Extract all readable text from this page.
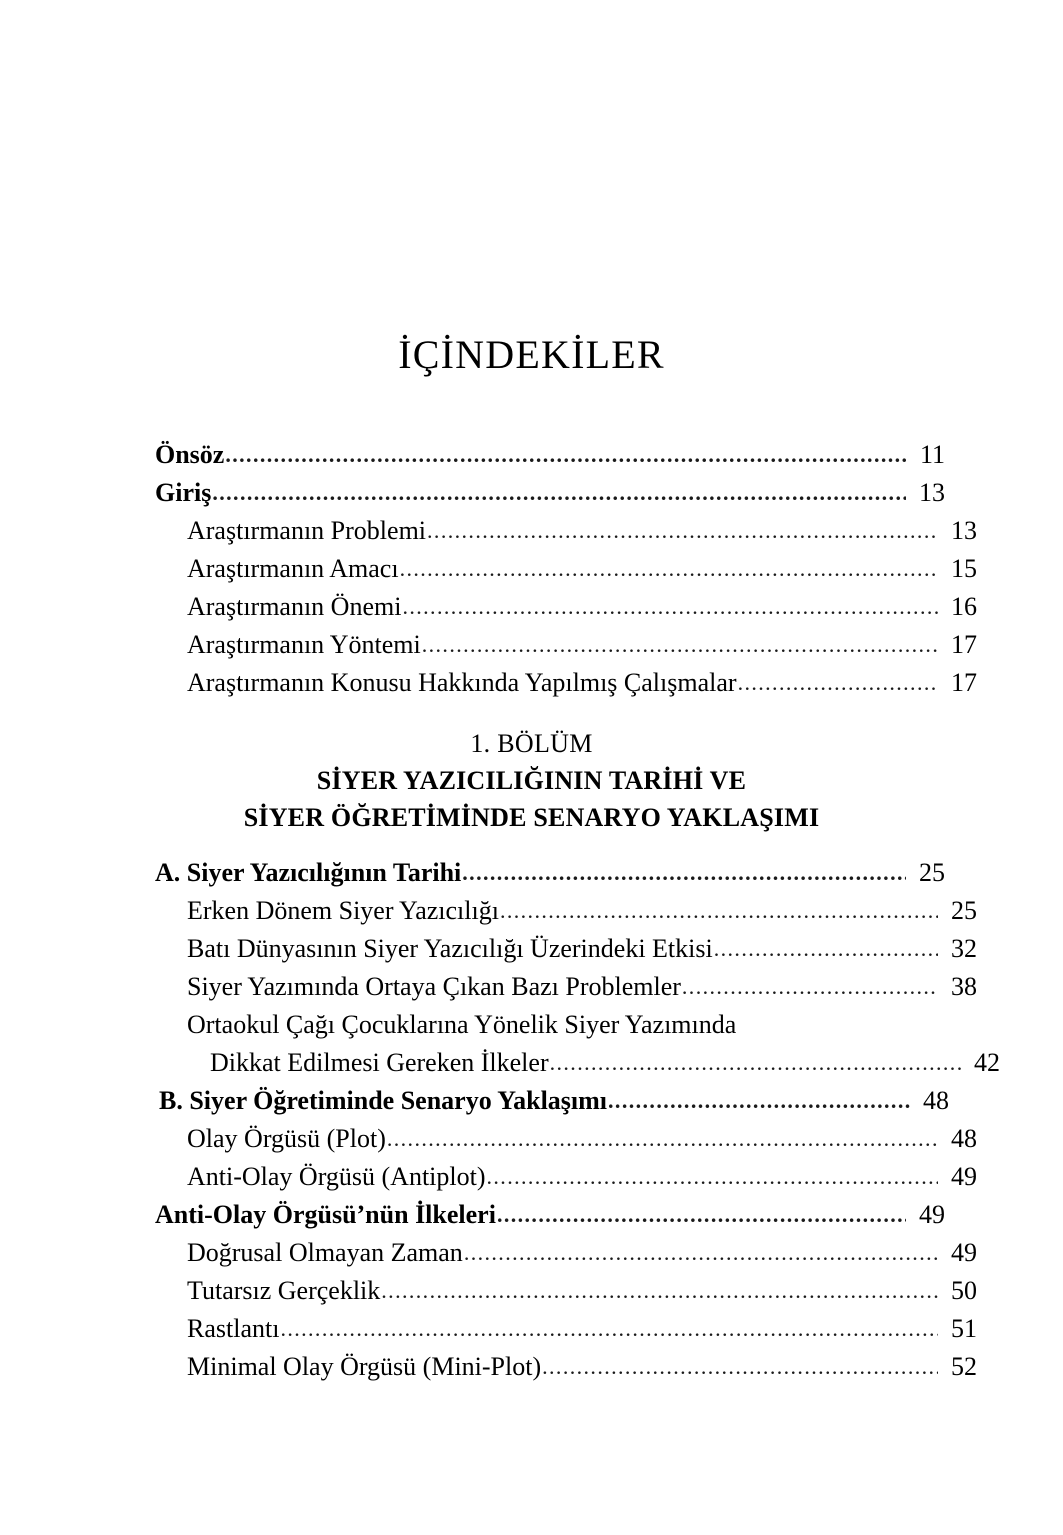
İÇİNDEKİLER
Önsöz .....	11
Giriş .....	13
Araştırmanın Problemi .....	13
Araştırmanın Amacı .....	15
Araştırmanın Önemi .....	16
Araştırmanın Yöntemi .....	17
Araştırmanın Konusu Hakkında Yapılmış Çalışmalar .....	17
1. BÖLÜM
SİYER YAZICILIĞININ TARİHİ VE
SİYER ÖĞRETİMİNDE SENARYO YAKLAŞIMI
A. Siyer Yazıcılığının Tarihi .....	25
Erken Dönem Siyer Yazıcılığı .....	25
Batı Dünyasının Siyer Yazıcılığı Üzerindeki Etkisi .....	32
Siyer Yazımında Ortaya Çıkan Bazı Problemler .....	38
Ortaokul Çağı Çocuklarına Yönelik Siyer Yazımında
Dikkat Edilmesi Gereken İlkeler .....	42
B. Siyer Öğretiminde Senaryo Yaklaşımı .....	48
Olay Örgüsü (Plot) .....	48
Anti-Olay Örgüsü (Antiplot) .....	49
Anti-Olay Örgüsü’nün İlkeleri .....	49
Doğrusal Olmayan Zaman .....	49
Tutarsız Gerçeklik .....	50
Rastlantı .....	51
Minimal Olay Örgüsü (Mini-Plot) .....	52
